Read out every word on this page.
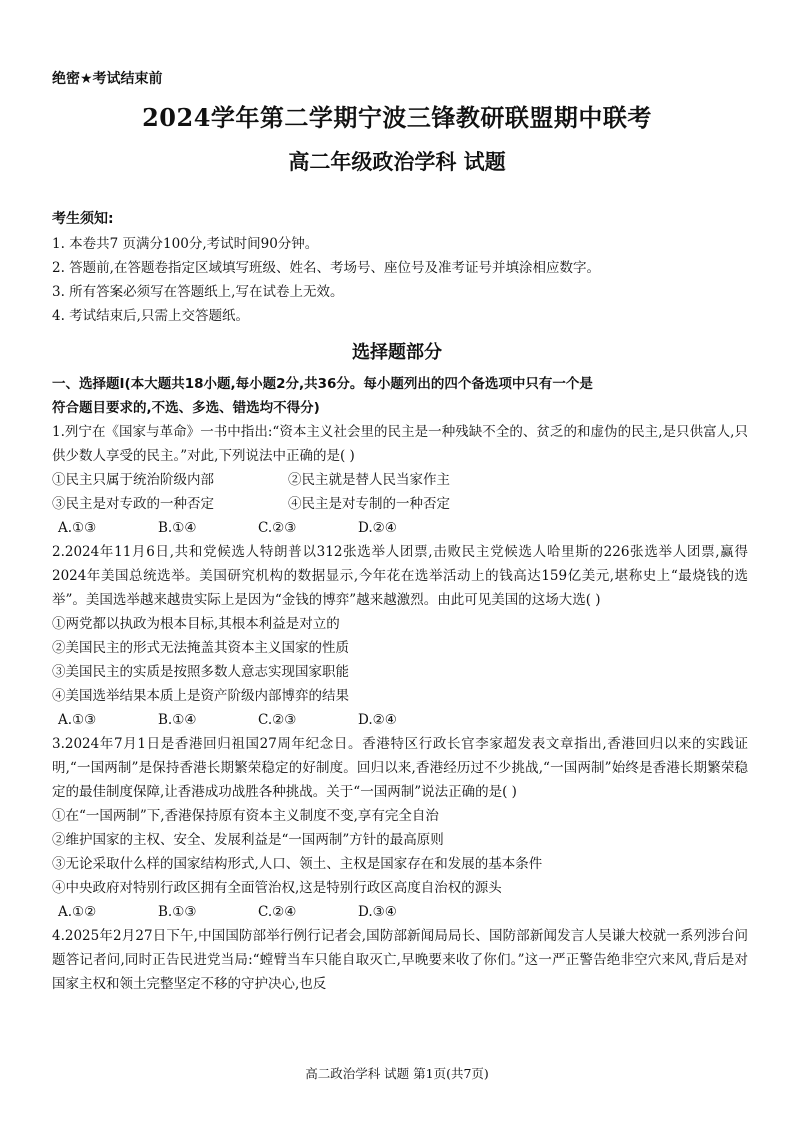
绝密★考试结束前
2024学年第二学期宁波三锋教研联盟期中联考
高二年级政治学科 试题
考生须知:
1. 本卷共7 页满分100分,考试时间90分钟。
2. 答题前,在答题卷指定区域填写班级、姓名、考场号、座位号及准考证号并填涂相应数字。
3. 所有答案必须写在答题纸上,写在试卷上无效。
4. 考试结束后,只需上交答题纸。
选择题部分
一、选择题Ⅰ(本大题共18小题,每小题2分,共36分。每小题列出的四个备选项中只有一个是
符合题目要求的,不选、多选、错选均不得分)

1.列宁在《国家与革命》一书中指出:“资本主义社会里的民主是一种残缺不全的、贫乏的和虚伪的民主,是只供富人,只供少数人享受的民主。”对此,下列说法中正确的是( )

①民主只属于统治阶级内部	②民主就是替人民当家作主
③民主是对专政的一种否定	④民主是对专制的一种否定
A.①③	B.①④	C.②③	D.②④

2.2024年11月6日,共和党候选人特朗普以312张选举人团票,击败民主党候选人哈里斯的226张选举人团票,赢得2024年美国总统选举。美国研究机构的数据显示,今年花在选举活动上的钱高达159亿美元,堪称史上“最烧钱的选举”。美国选举越来越贵实际上是因为“金钱的博弈”越来越激烈。由此可见美国的这场大选( )

①两党都以执政为根本目标,其根本利益是对立的
②美国民主的形式无法掩盖其资本主义国家的性质
③美国民主的实质是按照多数人意志实现国家职能
④美国选举结果本质上是资产阶级内部博弈的结果
A.①③	B.①④	C.②③	D.②④

3.2024年7月1日是香港回归祖国27周年纪念日。香港特区行政长官李家超发表文章指出,香港回归以来的实践证明,“一国两制”是保持香港长期繁荣稳定的好制度。回归以来,香港经历过不少挑战,“一国两制”始终是香港长期繁荣稳定的最佳制度保障,让香港成功战胜各种挑战。关于“一国两制”说法正确的是( )

①在“一国两制”下,香港保持原有资本主义制度不变,享有完全自治
②维护国家的主权、安全、发展利益是“一国两制”方针的最高原则
③无论采取什么样的国家结构形式,人口、领土、主权是国家存在和发展的基本条件
④中央政府对特别行政区拥有全面管治权,这是特别行政区高度自治权的源头
A.①②	B.①③	C.②④	D.③④

4.2025年2月27日下午,中国国防部举行例行记者会,国防部新闻局局长、国防部新闻发言人吴谦大校就一系列涉台问题答记者问,同时正告民进党当局:“螳臂当车只能自取灭亡,早晚要来收了你们。”这一严正警告绝非空穴来风,背后是对国家主权和领土完整坚定不移的守护决心,也反

高二政治学科 试题 第1页(共7页)
